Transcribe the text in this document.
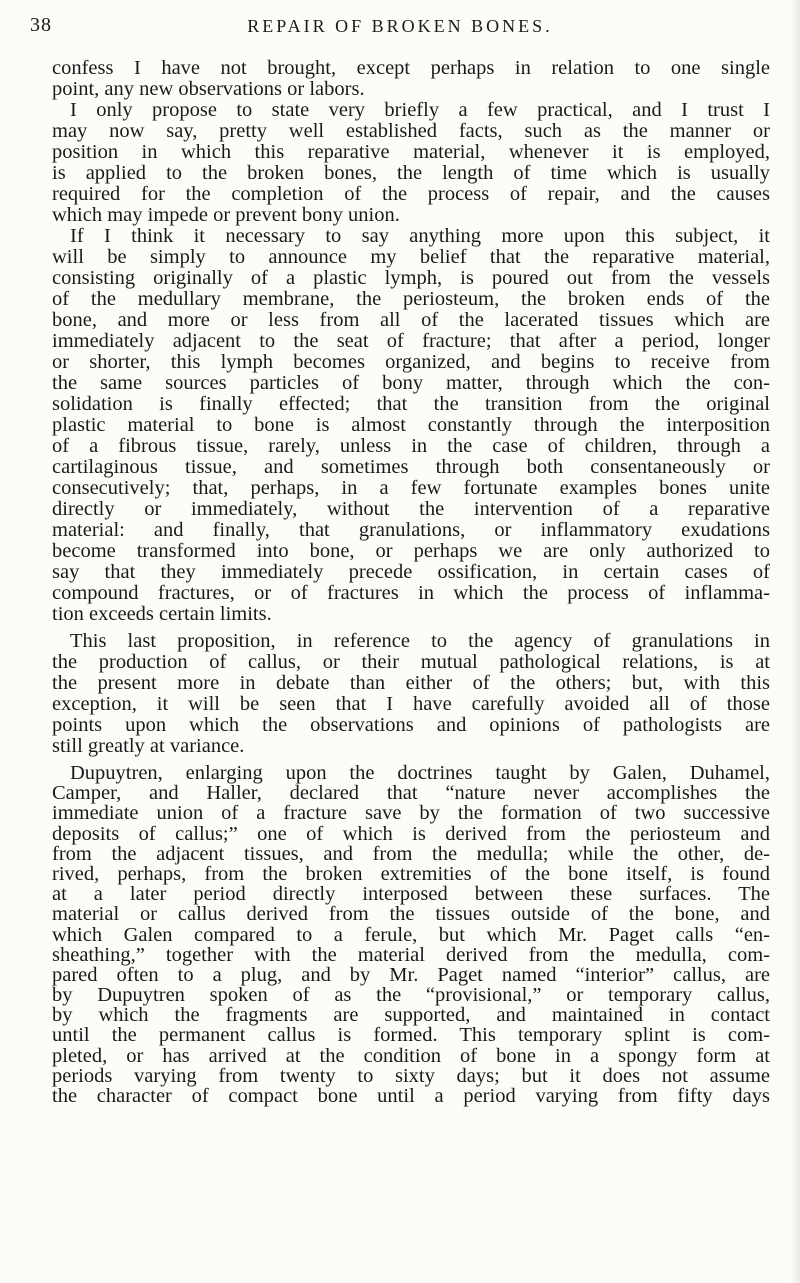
38	REPAIR OF BROKEN BONES.
confess I have not brought, except perhaps in relation to one single
point, any new observations or labors.
I only propose to state very briefly a few practical, and I trust I
may now say, pretty well established facts, such as the manner or
position in which this reparative material, whenever it is employed,
is applied to the broken bones, the length of time which is usually
required for the completion of the process of repair, and the causes
which may impede or prevent bony union.
If I think it necessary to say anything more upon this subject, it
will be simply to announce my belief that the reparative material,
consisting originally of a plastic lymph, is poured out from the vessels
of the medullary membrane, the periosteum, the broken ends of the
bone, and more or less from all of the lacerated tissues which are
immediately adjacent to the seat of fracture; that after a period, longer
or shorter, this lymph becomes organized, and begins to receive from
the same sources particles of bony matter, through which the con-
solidation is finally effected; that the transition from the original
plastic material to bone is almost constantly through the interposition
of a fibrous tissue, rarely, unless in the case of children, through a
cartilaginous tissue, and sometimes through both consentaneously or
consecutively; that, perhaps, in a few fortunate examples bones unite
directly or immediately, without the intervention of a reparative
material: and finally, that granulations, or inflammatory exudations
become transformed into bone, or perhaps we are only authorized to
say that they immediately precede ossification, in certain cases of
compound fractures, or of fractures in which the process of inflamma-
tion exceeds certain limits.
This last proposition, in reference to the agency of granulations in
the production of callus, or their mutual pathological relations, is at
the present more in debate than either of the others; but, with this
exception, it will be seen that I have carefully avoided all of those
points upon which the observations and opinions of pathologists are
still greatly at variance.
Dupuytren, enlarging upon the doctrines taught by Galen, Duhamel,
Camper, and Haller, declared that “nature never accomplishes the
immediate union of a fracture save by the formation of two successive
deposits of callus;” one of which is derived from the periosteum and
from the adjacent tissues, and from the medulla; while the other, de-
rived, perhaps, from the broken extremities of the bone itself, is found
at a later period directly interposed between these surfaces. The
material or callus derived from the tissues outside of the bone, and
which Galen compared to a ferule, but which Mr. Paget calls “en-
sheathing,” together with the material derived from the medulla, com-
pared often to a plug, and by Mr. Paget named “interior” callus, are
by Dupuytren spoken of as the “provisional,” or temporary callus,
by which the fragments are supported, and maintained in contact
until the permanent callus is formed. This temporary splint is com-
pleted, or has arrived at the condition of bone in a spongy form at
periods varying from twenty to sixty days; but it does not assume
the character of compact bone until a period varying from fifty days
